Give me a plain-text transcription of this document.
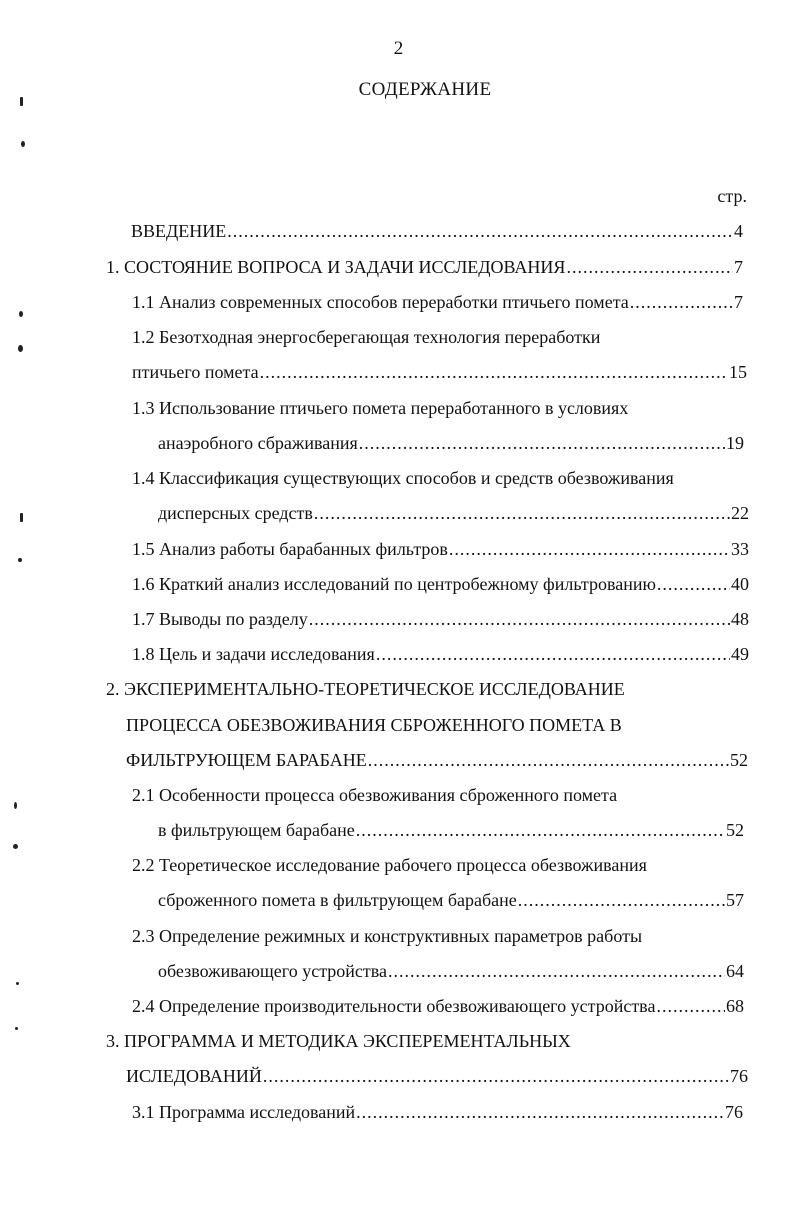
2
СОДЕРЖАНИЕ
стр.
ВВЕДЕНИЕ .....	4
1. СОСТОЯНИЕ ВОПРОСА И ЗАДАЧИ ИССЛЕДОВАНИЯ .....	7
1.1 Анализ современных способов переработки птичьего помета .....	7
1.2 Безотходная энергосберегающая технология переработки
птичьего помета .....	15
1.3 Использование птичьего помета переработанного в условиях
анаэробного сбраживания .....	19
1.4 Классификация существующих способов и средств обезвоживания
дисперсных средств .....	22
1.5 Анализ работы барабанных фильтров .....	33
1.6 Краткий анализ исследований по центробежному фильтрованию .....	40
1.7 Выводы по разделу .....	48
1.8 Цель и задачи исследования .....	49
2. ЭКСПЕРИМЕНТАЛЬНО-ТЕОРЕТИЧЕСКОЕ ИССЛЕДОВАНИЕ
ПРОЦЕССА ОБЕЗВОЖИВАНИЯ СБРОЖЕННОГО ПОМЕТА В
ФИЛЬТРУЮЩЕМ БАРАБАНЕ .....	52
2.1 Особенности процесса обезвоживания сброженного помета
в фильтрующем барабане .....	52
2.2 Теоретическое исследование рабочего процесса обезвоживания
сброженного помета в фильтрующем барабане .....	57
2.3 Определение режимных и конструктивных параметров работы
обезвоживающего устройства .....	64
2.4 Определение производительности обезвоживающего устройства .....	68
3. ПРОГРАММА И МЕТОДИКА ЭКСПЕРЕМЕНТАЛЬНЫХ
ИСЛЕДОВАНИЙ .....	76
3.1 Программа исследований .....	76
